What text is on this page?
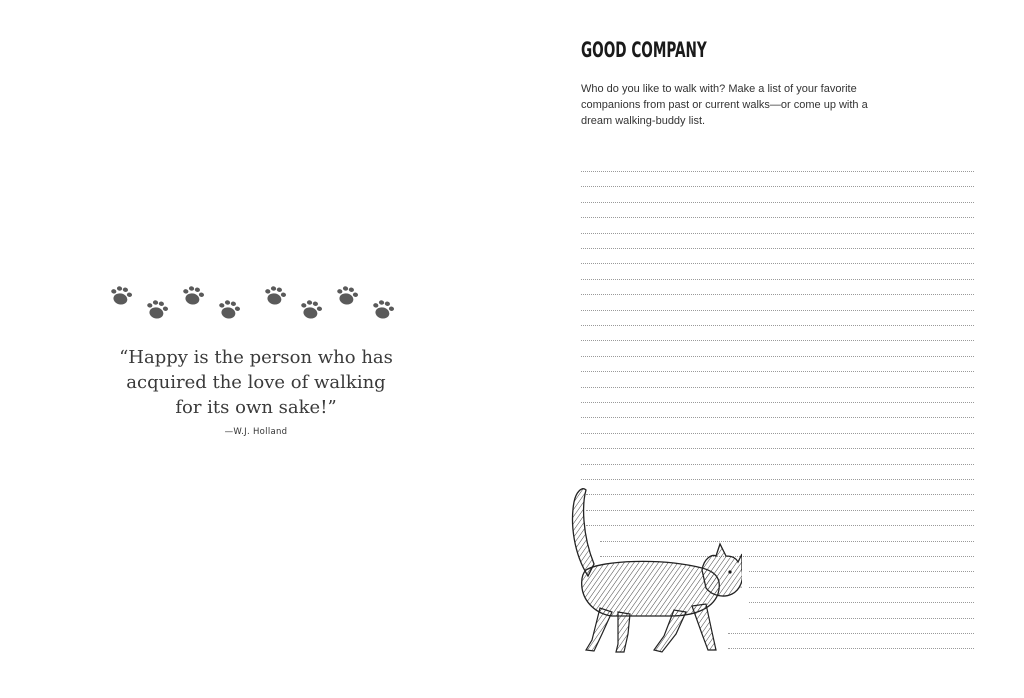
“Happy is the person who has
acquired the love of walking
for its own sake!”
—W.J. Holland
GOOD COMPANY
Who do you like to walk with? Make a list of your favorite
companions from past or current walks—or come up with a
dream walking-buddy list.
